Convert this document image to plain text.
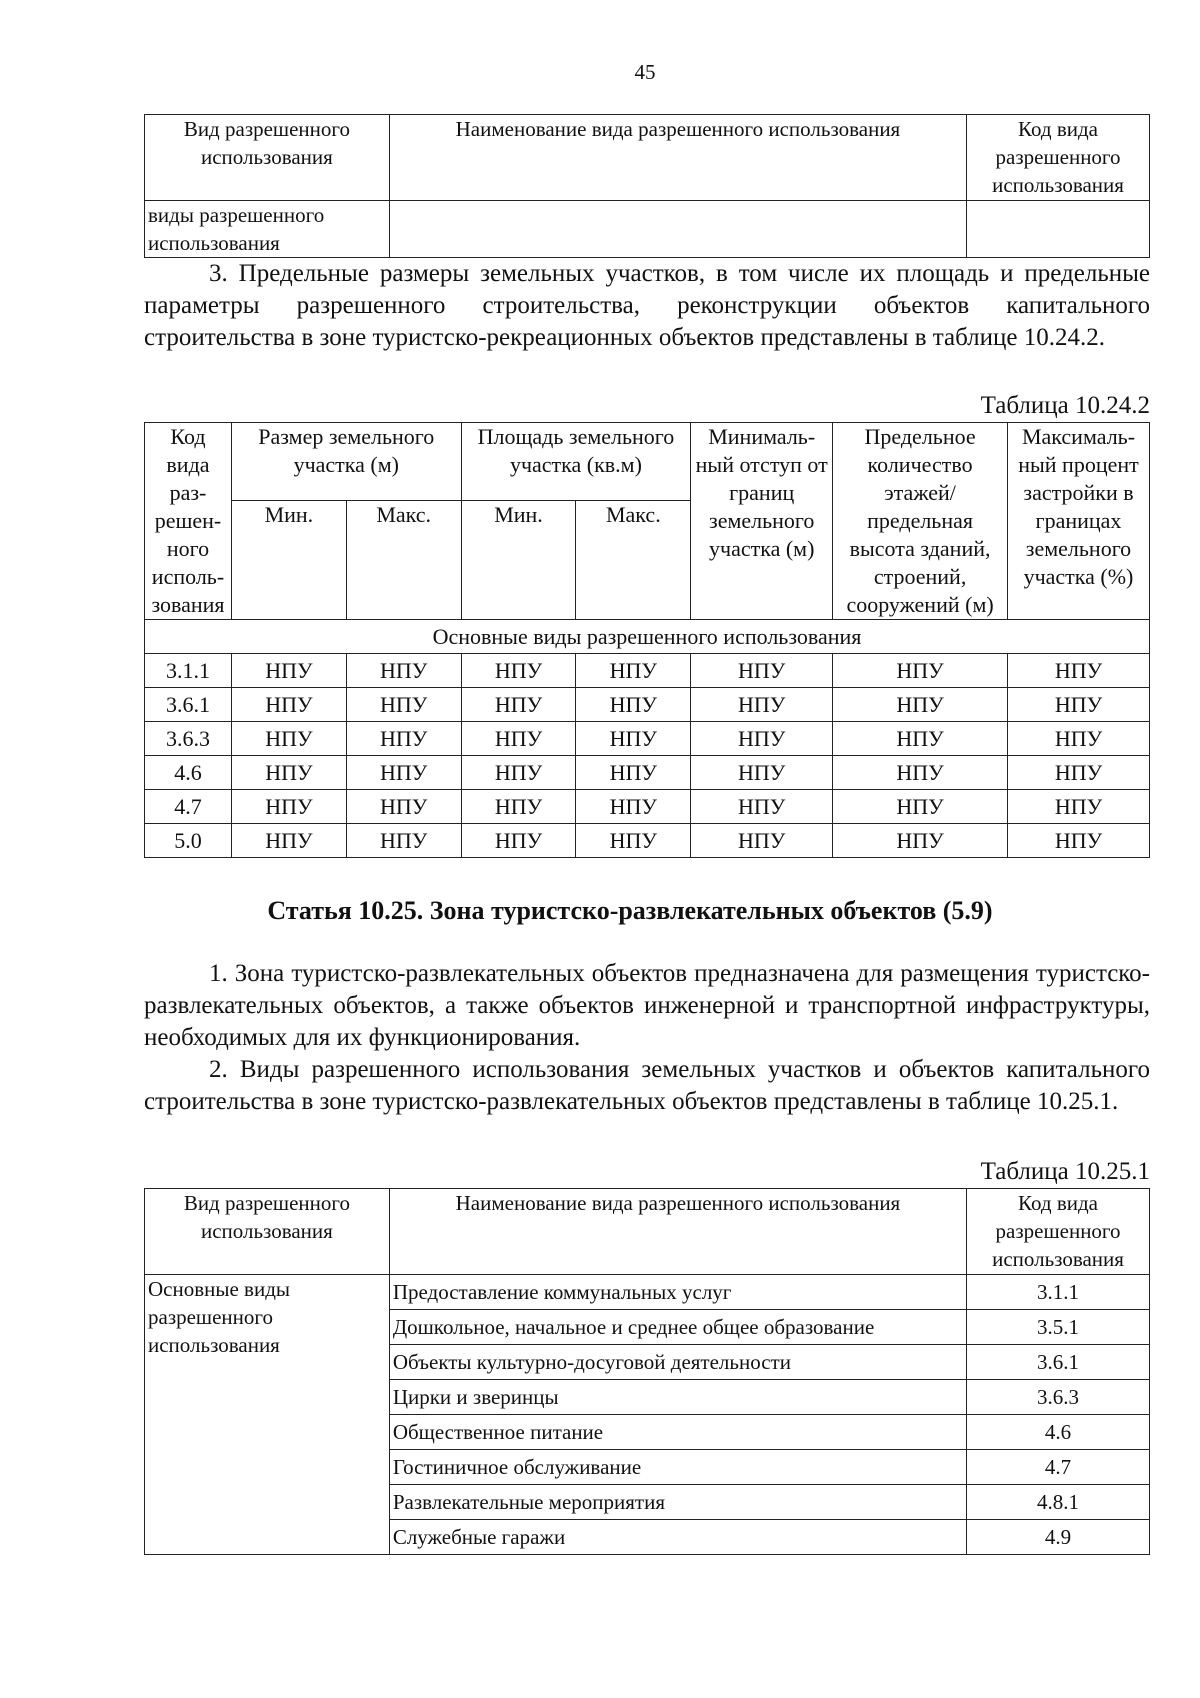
45
Вид разрешенного использования	Наименование вида разрешенного использования	Код вида разрешенного использования
виды разрешенного использования		

3. Предельные размеры земельных участков, в том числе их площадь и предельные параметры разрешенного строительства, реконструкции объектов капитального строительства в зоне туристско-рекреационных объектов представлены в таблице 10.24.2.

Таблица 10.24.2
Код вида раз- решен- ного исполь- зования	Размер земельного участка (м)		Площадь земельного участка (кв.м)		Минималь- ный отступ от границ земельного участка (м)	Предельное количество этажей/ предельная высота зданий, строений, сооружений (м)	Максималь- ный процент застройки в границах земельного участка (%)
	Мин.	Макс.	Мин.	Макс.			
Основные виды разрешенного использования							
3.1.1	НПУ	НПУ	НПУ	НПУ	НПУ	НПУ	НПУ
3.6.1	НПУ	НПУ	НПУ	НПУ	НПУ	НПУ	НПУ
3.6.3	НПУ	НПУ	НПУ	НПУ	НПУ	НПУ	НПУ
4.6	НПУ	НПУ	НПУ	НПУ	НПУ	НПУ	НПУ
4.7	НПУ	НПУ	НПУ	НПУ	НПУ	НПУ	НПУ
5.0	НПУ	НПУ	НПУ	НПУ	НПУ	НПУ	НПУ
Статья 10.25. Зона туристско-развлекательных объектов (5.9)

1. Зона туристско-развлекательных объектов предназначена для размещения туристско-развлекательных объектов, а также объектов инженерной и транспортной инфраструктуры, необходимых для их функционирования.

2. Виды разрешенного использования земельных участков и объектов капитального строительства в зоне туристско-развлекательных объектов представлены в таблице 10.25.1.

Таблица 10.25.1
Вид разрешенного использования	Наименование вида разрешенного использования	Код вида разрешенного использования
Основные виды разрешенного использования	Предоставление коммунальных услуг	3.1.1
	Дошкольное, начальное и среднее общее образование	3.5.1
	Объекты культурно-досуговой деятельности	3.6.1
	Цирки и зверинцы	3.6.3
	Общественное питание	4.6
	Гостиничное обслуживание	4.7
	Развлекательные мероприятия	4.8.1
	Служебные гаражи	4.9
